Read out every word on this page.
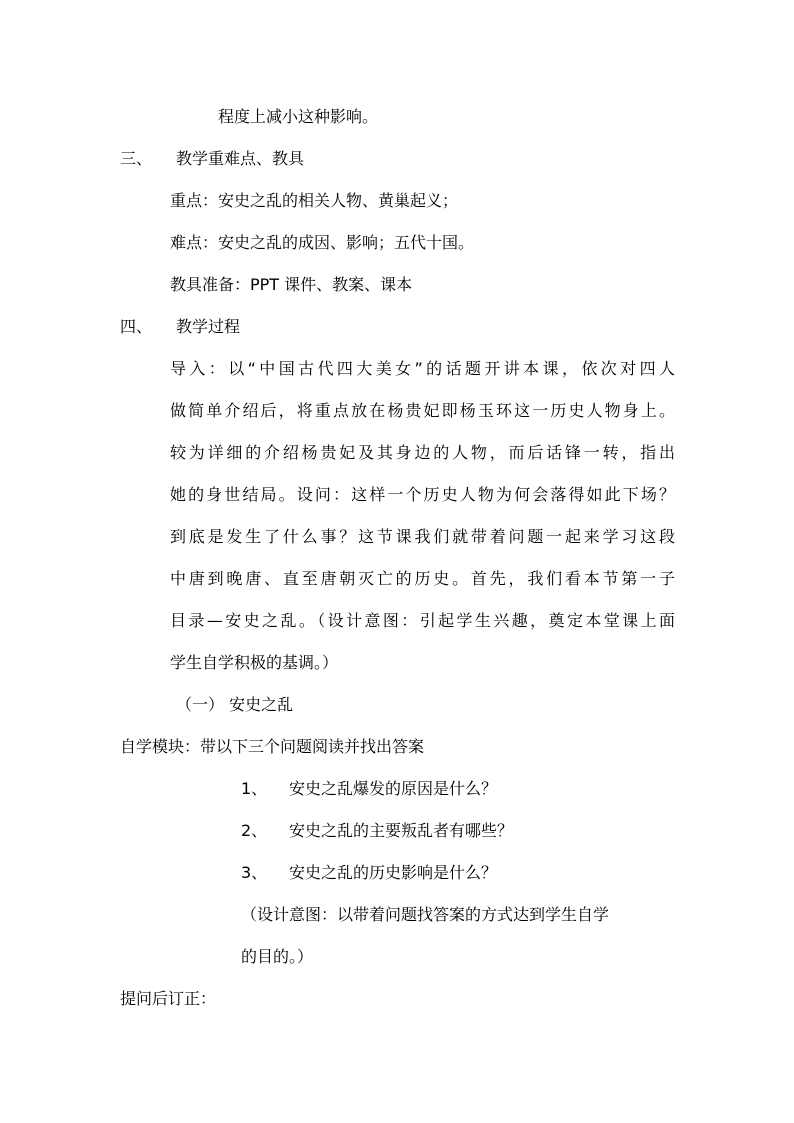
程度上减小这种影响。
三、 教学重难点、教具
重点：安史之乱的相关人物、黄巢起义；
难点：安史之乱的成因、影响；五代十国。
教具准备：PPT 课件、教案、课本
四、 教学过程
导入：以“中国古代四大美女”的话题开讲本课，依次对四人
做简单介绍后，将重点放在杨贵妃即杨玉环这一历史人物身上。
较为详细的介绍杨贵妃及其身边的人物，而后话锋一转，指出
她的身世结局。设问：这样一个历史人物为何会落得如此下场？
到底是发生了什么事？这节课我们就带着问题一起来学习这段
中唐到晚唐、直至唐朝灭亡的历史。首先，我们看本节第一子
目录—安史之乱。（设计意图：引起学生兴趣，奠定本堂课上面
学生自学积极的基调。）
（一） 安史之乱
自学模块：带以下三个问题阅读并找出答案
1、 安史之乱爆发的原因是什么？
2、 安史之乱的主要叛乱者有哪些？
3、 安史之乱的历史影响是什么？
（设计意图：以带着问题找答案的方式达到学生自学
的目的。）
提问后订正：
